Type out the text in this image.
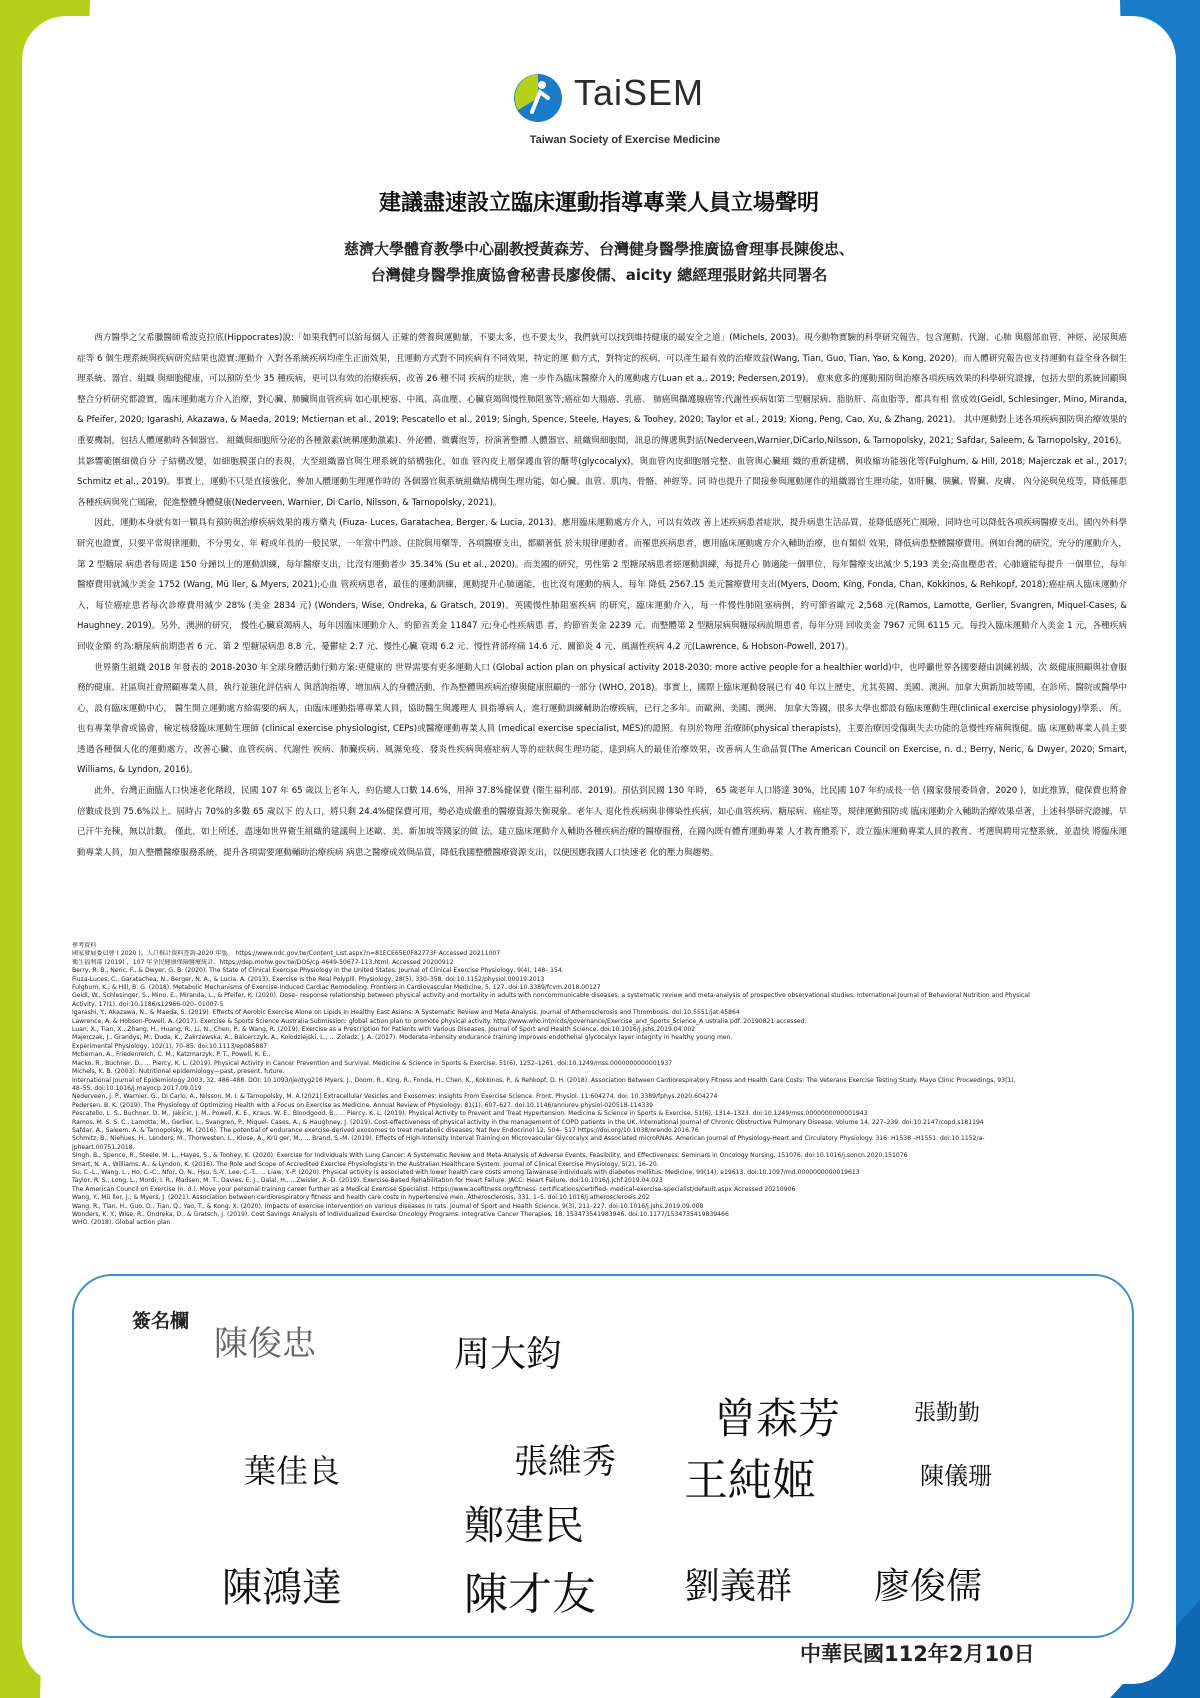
TaiSEM
Taiwan Society of Exercise Medicine
建議盡速設立臨床運動指導專業人員立場聲明
慈濟大學體育教學中心副教授黃森芳、台灣健身醫學推廣協會理事長陳俊忠、
台灣健身醫學推廣協會秘書長廖俊儒、aicity 總經理張財銘共同署名

西方醫學之父希臘醫師希波克拉底(Hippocrates)說:「如果我們可以給每個人 正確的營養與運動量，不要太多，也不要太少，我們就可以找到維持健康的最安全之道」(Michels, 2003)。現今動物實驗的科學研究報告，包含運動、代謝、心肺 與腦部血管、神經、泌尿與癌症等 6 個生理系統與疾病研究結果也證實:運動介 入對各系統疾病均產生正面效果，且運動方式對不同疾病有不同效果，特定的運 動方式，對特定的疾病，可以產生最有效的治療效益(Wang, Tian, Guo, Tian, Yao, & Kong, 2020)。而人體研究報告也支持運動有益全身各個生理系統、器官、組織 與細胞健康，可以預防至少 35 種疾病，更可以有效的治療疾病，改善 26 種不同 疾病的症狀，進一步作為臨床醫療介入的運動處方(Luan et a., 2019; Pedersen,2019)。 愈來愈多的運動預防與治療各項疾病效果的科學研究證據，包括大型的系統回顧與整合分析研究都證實，臨床運動處方介入治療，對心臟、肺臟與血管疾病 如心肌梗塞、中風、高血壓、心臟衰竭與慢性肺阻塞等;癌症如大腸癌、乳癌、 肺癌與攝護腺癌等;代謝性疾病如第二型糖尿病、脂肪肝、高血脂等，都具有相 當成效(Geidl, Schlesinger, Mino, Miranda, & Pfeifer, 2020; Igarashi, Akazawa, & Maeda, 2019; Mctiernan et al., 2019; Pescatello et al., 2019; Singh, Spence, Steele, Hayes, & Toohey, 2020; Taylor et al., 2019; Xiong, Peng, Cao, Xu, & Zhang, 2021)。 其中運動對上述各項疾病預防與治療效果的重要機制，包括人體運動時各個器官、 組織與細胞所分泌的各種激素(統稱運動激素)、外泌體、微囊泡等，扮演著整體 人體器官、組織與細胞間，訊息的傳遞與對話(Nederveen,Warnier,DiCarlo,Nilsson, & Tarnopolsky, 2021; Safdar, Saleem, & Tarnopolsky, 2016)。其影響範圍細微自分 子結構改變，如細胞膜蛋白的表現，大至組織器官與生理系統的結構強化，如血 管內皮上層保護血管的醣萼(glycocalyx)，與血管內皮細胞層完整、血管與心臟組 織的重新建構，與收縮功能強化等(Fulghum, & Hill, 2018; Majerczak et al., 2017; Schmitz et al., 2019)。事實上，運動不只是直接強化，參加人體運動生理運作時的 各個器官與系統組織結構與生理功能，如心臟、血管、肌肉、骨骼、神經等。同 時也提升了間接參與運動運作的組織器官生理功能，如肝臟、胰臟、腎臟、皮膚、 內分泌與免疫等，降低罹患各種疾病與死亡風險，促進整體身體健康(Nederveen, Warnier, Di Carlo, Nilsson, & Tarnopolsky, 2021)。

因此，運動本身就有如一顆具有預防與治療疾病效果的複方藥丸 (Fiuza- Luces, Garatachea, Berger, & Lucia, 2013)。應用臨床運動處方介入，可以有效改 善上述疾病患者症狀，提升病患生活品質，並降低感死亡風險，同時也可以降低各項疾病醫療支出。國內外科學研究也證實，只要平常規律運動，不分男女、年 輕或年長的一般民眾，一年當中門診、住院與用藥等，各項醫療支出，都顯著低 於未規律運動者。而罹患疾病患者，應用臨床運動處方介入輔助治療，也有類似 效果，降低病患整體醫療費用。例如台灣的研究，充分的運動介入，第 2 型糖尿 病患者每周達 150 分鐘以上的運動訓練，每年醫療支出，比沒有運動者少 35.34% (Su et al., 2020)。而美國的研究，男性第 2 型糖尿病患者經運動訓練，每提升心 肺適能一個單位，每年醫療支出減少 5,193 美金;高血壓患者，心肺適能每提升 一個單位，每年醫療費用就減少美金 1752 (Wang, Mü ller, & Myers, 2021);心血 管疾病患者，最佳的運動訓練，運動提升心肺適能，也比沒有運動的病人，每年 降低 2567.15 美元醫療費用支出(Myers, Doom, King, Fonda, Chan, Kokkinos, & Rehkopf, 2018);癌症病人臨床運動介入，每位癌症患者每次診療費用減少 28% (美金 2834 元) (Wonders, Wise, Ondreka, & Gratsch, 2019)。英國慢性肺阻塞疾病 的研究，臨床運動介入，每一件慢性肺阻塞病例，約可節省歐元 2,568 元(Ramos, Lamotte, Gerlier, Svangren, Miquel-Cases, & Haughney, 2019)。另外，澳洲的研究， 慢性心臟衰竭病人，每年因臨床運動介入，約節省美金 11847 元;身心性疾病患 者，約節省美金 2239 元。而整體第 2 型糖尿病與糖尿病前期患者，每年分別 回收美金 7967 元與 6115 元。每投入臨床運動介入美金 1 元，各種疾病回收金額 約為:糖尿病前期患者 6 元、第 2 型糖尿病患 8.8 元、憂鬱症 2.7 元、慢性心臟 衰竭 6.2 元、慢性背部疼痛 14.6 元、關節炎 4 元、風濕性疾病 4.2 元(Lawrence, & Hobson-Powell, 2017)。

世界衛生組織 2018 年發表的 2018-2030 年全球身體活動行動方案:更健康的 世界需要有更多運動人口 (Global action plan on physical activity 2018-2030: more active people for a healthier world)中，也呼籲世界各國要藉由訓練初級、次 級健康照顧與社會服務的健康、社區與社會照顧專業人員，執行並強化評估病人 與諮詢指導，增加病人的身體活動，作為整體與疾病治療與健康照顧的一部分 (WHO, 2018)。事實上，國際上臨床運動發展已有 40 年以上歷史，尤其英國、美國、澳洲、加拿大與新加坡等國，在診所、醫院或醫學中心，設有臨床運動中心， 醫生開立運動處方給需要的病人，由臨床運動指導專業人員，協助醫生與護理人 員指導病人，進行運動訓練輔助治療疾病，已行之多年。而歐洲、美國、澳洲、 加拿大等國，很多大學也都設有臨床運動生理(clinical exercise physiology)學系、 所。也有專業學會或協會，檢定核發臨床運動生理師 (clinical exercise physiologist, CEPs)或醫療運動專業人員 (medical exercise specialist, MES)的證照。有別於物理 治療師(physical therapists)，主要治療因受傷與失去功能的急慢性疼痛與復健。臨 床運動專業人員主要透過各種個人化的運動處方，改善心臟、血管疾病、代謝性 疾病、肺臟疾病、風濕免疫、發炎性疾病與癌症病人等的症狀與生理功能，達到病人的最佳治療效果，改善病人生命品質(The American Council on Exercise, n. d.; Berry, Neric, & Dwyer, 2020; Smart, Williams, & Lyndon, 2016)。

此外，台灣正面臨人口快速老化階段，民國 107 年 65 歲以上老年人，約佔總人口數 14.6%，用掉 37.8%健保費 (衛生福利部、2019)。預估到民國 130 年時， 65 歲老年人口將達 30%，比民國 107 年約成長一倍 (國家發展委員會，2020 )，如此推算，健保費也將會倍數成長到 75.6%以上。屆時占 70%的多數 65 歲以下 的人口，將只剩 24.4%健保費可用，勢必造成嚴重的醫療資源失衡現象。老年人 退化性疾病與非傳染性疾病，如心血管疾病、糖尿病、癌症等，規律運動預防或 臨床運動介入輔助治療效果卓著，上述科學研究證據，早已汗牛充棟，無以計數。 僅此，如上所述，盡速如世界衛生組織的建議與上述歐、美、新加坡等國家的做 法，建立臨床運動介入輔助各種疾病治療的醫療服務，在國內既有體育運動專業 人才教育體系下，設立臨床運動專業人員的教育、考選與聘用完整系統，並盡快 將臨床運動專業人員，加入整體醫療服務系統，提升各項需要運動輔助治療疾病 病患之醫療成效與品質，降低我國整體醫療資源支出，以便因應我國人口快速老 化的壓力與趨勢。

參考資料
國家發展委員會 ( 2020 )。人口推計資料查詢-2020 年版。 https://www.ndc.gov.tw/Content_List.aspx?n=81ECE65E0F82773F Accessed 20211007
衛生福利部 (2019) ，107 年全民健康保險醫療統計。https://dep.mohw.gov.tw/DOS/cp-4649-50677-113.html. Accessed 20200912
Berry, R. B., Neric, F., & Dwyer, G. B. (2020). The State of Clinical Exercise Physiology in the United States. Journal of Clinical Exercise Physiology, 9(4), 148– 154.
Fiuza-Luces, C., Garatachea, N., Berger, N. A., & Lucia, A. (2013). Exercise is the Real Polypill. Physiology, 28(5), 330–358. doi:10.1152/physiol.00019.2013
Fulghum, K., & Hill, B. G. (2018). Metabolic Mechanisms of Exercise-Induced Cardiac Remodeling. Frontiers in Cardiovascular Medicine, 5, 127. doi:10.3389/fcvm.2018.00127
Geidl, W., Schlesinger, S., Mino, E., Miranda, L., & Pfeifer, K. (2020). Dose– response relationship between physical activity and mortality in adults with noncommunicable diseases: a systematic review and meta-analysis of prospective observational studies. International Journal of Behavioral Nutrition and Physical
Activity, 17(1). doi:10.1186/s12966-020- 01007-5
Igarashi, Y., Akazawa, N., & Maeda, S. (2019). Effects of Aerobic Exercise Alone on Lipids in Healthy East Asians: A Systematic Review and Meta-Analysis. Journal of Atherosclerosis and Thrombosis. doi:10.5551/jat.45864
Lawrence, A. & Hobson-Powell, A. (2017). Exercise & Sports Science Australia Submission: global action plan to promote physical activity. http://www.who.int/ncds/governance/Exercise_and_Sports_Science_A ustralia.pdf. 20190821 accessed.
Luan, X., Tian, X., Zhang, H., Huang, R., Li, N., Chen, P., & Wang, R. (2019). Exercise as a Prescription for Patients with Various Diseases. Journal of Sport and Health Science. doi:10.1016/j.jshs.2019.04.002
Majerczak, J., Grandys, M., Duda, K., Zakrzewska, A., Balcerczyk, A., Kolodziejski, L., ... Zoladz, J. A. (2017). Moderate-intensity endurance training improves endothelial glycocalyx layer integrity in healthy young men.
Experimental Physiology, 102(1), 70–85. doi:10.1113/ep085887
Mctiernan, A., Friedenreich, C. M., Katzmarzyk, P. T., Powell, K. E.,
Macko, R., Buchner, D., ... Piercy, K. L. (2019). Physical Activity in Cancer Prevention and Survival. Medicine & Science in Sports & Exercise, 51(6), 1252–1261. doi:10.1249/mss.0000000000001937
Michels, K. B. (2003). Nutritional epidemiology—past, present, future.
International Journal of Epidemiology 2003, 32, 486–488. DOI: 10.1093/ije/dyg216 Myers, J., Doom, R., King, R., Fonda, H., Chen, K., Kokkinos, P., & Rehkopf, D. H. (2018). Association Between Cardiorespiratory Fitness and Health Care Costs: The Veterans Exercise Testing Study. Mayo Clinic Proceedings, 93(1),
48–55. doi:10.1016/j.mayocp.2017.09.019
Nederveen, J. P., Warnier, G., Di Carlo, A., Nilsson, M. I. & Tarnopolsky, M. A.(2021) Extracellular Vesicles and Exosomes: Insights From Exercise Science. Front. Physiol. 11:604274. doi: 10.3389/fphys.2020.604274
Pedersen, B. K. (2019). The Physiology of Optimizing Health with a Focus on Exercise as Medicine. Annual Review of Physiology, 81(1), 607–627. doi:10.1146/annurev-physiol-020518-114339
Pescatello, L. S., Buchner, D. M., Jakicic, J. M., Powell, K. E., Kraus, W. E., Bloodgood, B., ... Piercy, K. L. (2019). Physical Activity to Prevent and Treat Hypertension. Medicine & Science in Sports & Exercise, 51(6), 1314–1323. doi:10.1249/mss.0000000000001943
Ramos, M. S. S. C., Lamotte, M., Gerlier, L., Svangren, P., Miquel- Cases, A., & Haughney, J. (2019). Cost-effectiveness of physical activity in the management of COPD patients in the UK. International Journal of Chronic Obstructive Pulmonary Disease, Volume 14, 227–239. doi:10.2147/copd.s181194
Safdar, A., Saleem, A. & Tarnopolsky, M. (2016). The potential of endurance exercise-derived exosomes to treat metabolic diseases. Nat Rev Endocrinol 12, 504– 517 https://doi.org/10.1038/nrendo.2016.76
Schmitz, B., Niehues, H., Lenders, M., Thorwesten, L., Klose, A., Krü ger, M., ... Brand, S.-M. (2019). Effects of High-Intensity Interval Training on Microvascular Glycocalyx and Associated microRNAs. American Journal of Physiology-Heart and Circulatory Physiology. 316: H1538 –H1551. doi:10.1152/a-
jpheart.00751.2018.
Singh, B., Spence, R., Steele, M. L., Hayes, S., & Toohey, K. (2020). Exercise for Individuals With Lung Cancer: A Systematic Review and Meta-Analysis of Adverse Events, Feasibility, and Effectiveness. Seminars in Oncology Nursing, 151076. doi:10.1016/j.soncn.2020.151076
Smart, N. A., Williams, A., & Lyndon, K. (2016). The Role and Scope of Accredited Exercise Physiologists in the Australian Healthcare System. Journal of Clinical Exercise Physiology, 5(2), 16–20.
Su, C.-L., Wang, L., Ho, C.-C., Nfor, O. N., Hsu, S.-Y., Lee, C.-T., ... Liaw, Y.-P. (2020). Physical activity is associated with lower health care costs among Taiwanese individuals with diabetes mellitus. Medicine, 99(14), e19613. doi:10.1097/md.0000000000019613
Taylor, R. S., Long, L., Mordi, I. R., Madsen, M. T., Davies, E. J., Dalal, H., ...Zwisler, A.-D. (2019). Exercise-Based Rehabilitation for Heart Failure. JACC: Heart Failure. doi:10.1016/j.jchf.2019.04.023
The American Council on Exercise (n. d.). Move your personal training career further as a Medical Exercise Specialist. https://www.acefitness.org/fitness- certifications/certified- medical-exercise-specialist/default.aspx Accessed 20210906
Wang, Y., Mü ller, J., & Myers, J. (2021). Association between cardiorespiratory fitness and health care costs in hypertensive men. Atherosclerosis, 331, 1–5. doi:10.1016/j.atherosclerosis.202
Wang, R., Tian, H., Guo, D., Tian, Q., Yao, T., & Kong, X. (2020). Impacts of exercise intervention on various diseases in rats. Journal of Sport and Health Science, 9(3), 211–227. doi:10.1016/j.jshs.2019.09.008
Wonders, K. Y., Wise, R., Ondreka, D., & Gratsch, J. (2019). Cost Savings Analysis of Individualized Exercise Oncology Programs. Integrative Cancer Therapies, 18, 153473541983946. doi:10.1177/1534735419839466
WHO. (2018). Global action plan
簽名欄
周大鈞
曾森芳	張勤勤
張維秀 王純姬	陳儀珊
鄭建民
陳才友 劉義群 廖俊儒
陳鴻達
葉佳良
陳俊忠
中華民國112年2月10日
